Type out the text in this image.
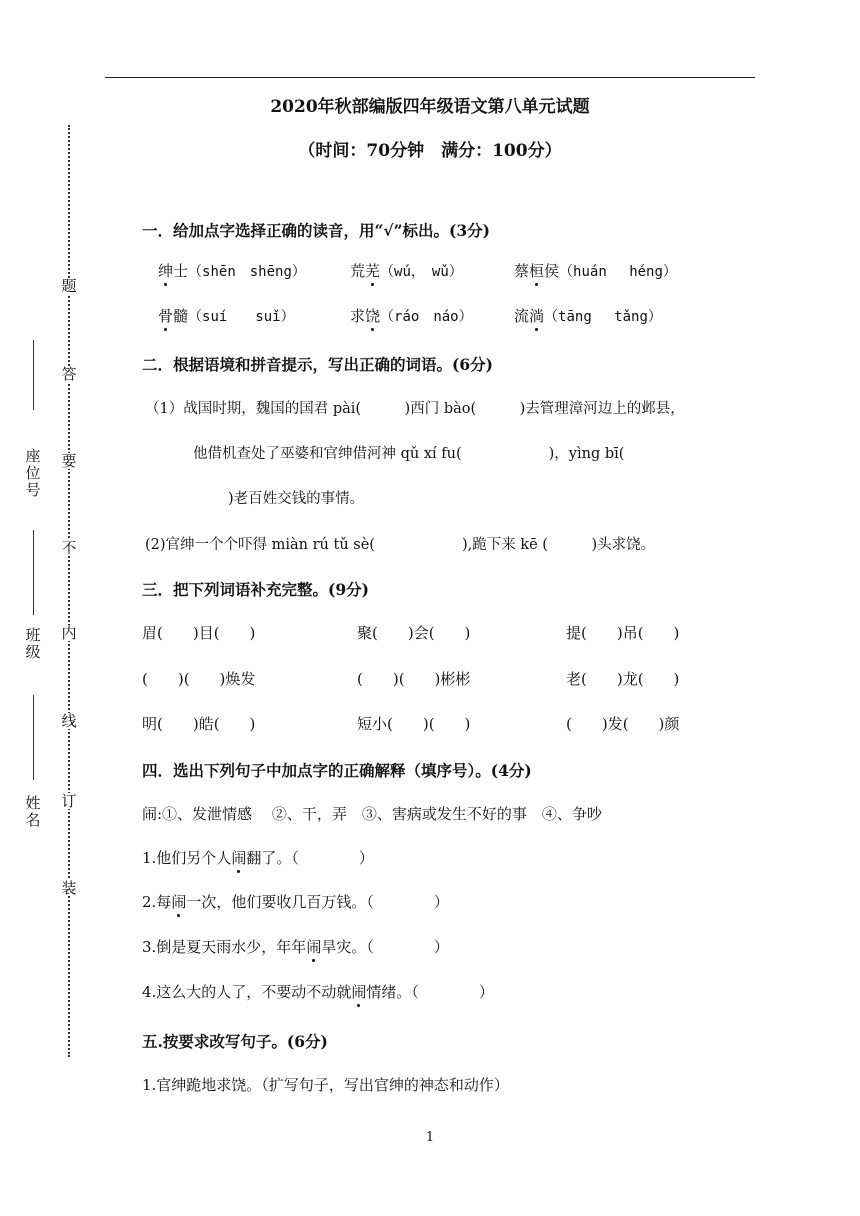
2020年秋部编版四年级语文第八单元试题
（时间：70分钟　满分：100分）
题
答
要
不
内
线
订
装
座
位
号
班
级
姓
名
一．给加点字选择正确的读音，用“√”标出。(3分)
绅士（shēn　shēng）	荒芜（wú，　wǔ）	蔡桓侯（huán　 héng）
骨髓（suí　　suǐ）	求饶（ráo　náo）	流淌（tāng　 tǎng）
二．根据语境和拼音提示，写出正确的词语。(6分)
（1）战国时期，魏国的国君 pài(　　　)西门 bào(　　　)去管理漳河边上的邺县，
他借机查处了巫婆和官绅借河神 qǔ xí fu(　　　　　　)，yìng bī(
)老百姓交钱的事情。
(2)官绅一个个吓得 miàn rú tǔ sè(　　　　　　),跪下来 kē (　　　)头求饶。
三．把下列词语补充完整。(9分)
眉(　　)目(　　)	聚(　　)会(　　)	提(　　)吊(　　)
(　　)(　　)焕发	(　　)(　　)彬彬	老(　　)龙(　　)
明(　　)皓(　　)	短小(　　)(　　)	(　　)发(　　)颜
四．选出下列句子中加点字的正确解释（填序号）。(4分)
闹:①、发泄情感　 ②、干，弄　③、害病或发生不好的事　④、争吵
1.他们另个人闹翻了。（　　　　）
2.每闹一次，他们要收几百万钱。（　　　　）
3.倒是夏天雨水少，年年闹旱灾。（　　　　）
4.这么大的人了，不要动不动就闹情绪。（　　　　）
五.按要求改写句子。(6分)
1.官绅跪地求饶。（扩写句子，写出官绅的神态和动作）
1
